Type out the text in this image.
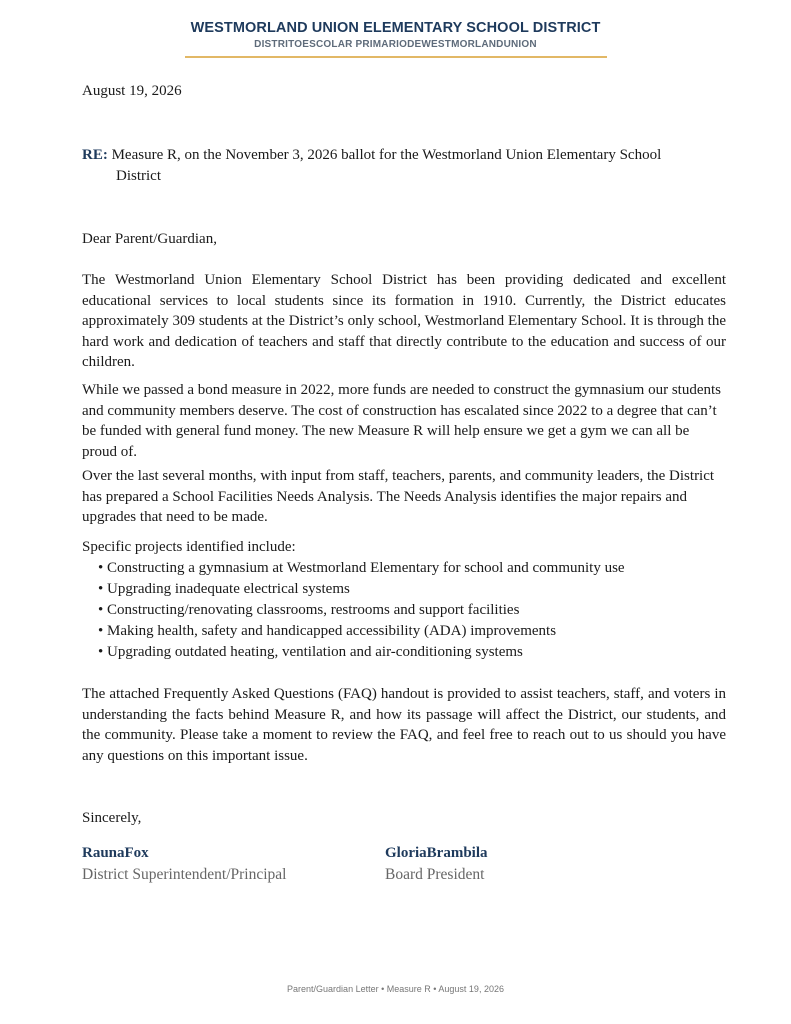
WESTMORLAND UNION ELEMENTARY SCHOOL DISTRICT
DISTRITOESCOLAR PRIMARIODEWESTMORLANDUNION
August 19, 2026
RE: Measure R, on the November 3, 2026 ballot for the Westmorland Union Elementary School
District
Dear Parent/Guardian,
The Westmorland Union Elementary School District has been providing dedicated and excellent educational services to local students since its formation in 1910. Currently, the District educates approximately 309 students at the District’s only school, Westmorland Elementary School. It is through the hard work and dedication of teachers and staff that directly contribute to the education and success of our children.
While we passed a bond measure in 2022, more funds are needed to construct the gymnasium our students and community members deserve. The cost of construction has escalated since 2022 to a degree that can’t be funded with general fund money. The new Measure R will help ensure we get a gym we can all be proud of.
Over the last several months, with input from staff, teachers, parents, and community leaders, the District has prepared a School Facilities Needs Analysis. The Needs Analysis identifies the major repairs and upgrades that need to be made.
Specific projects identified include:
• Constructing a gymnasium at Westmorland Elementary for school and community use
• Upgrading inadequate electrical systems
• Constructing/renovating classrooms, restrooms and support facilities
• Making health, safety and handicapped accessibility (ADA) improvements
• Upgrading outdated heating, ventilation and air-conditioning systems
The attached Frequently Asked Questions (FAQ) handout is provided to assist teachers, staff, and voters in understanding the facts behind Measure R, and how its passage will affect the District, our students, and the community. Please take a moment to review the FAQ, and feel free to reach out to us should you have any questions on this important issue.
Sincerely,
RaunaFox
District Superintendent/Principal
GloriaBrambila
Board President
Parent/Guardian Letter • Measure R • August 19, 2026
